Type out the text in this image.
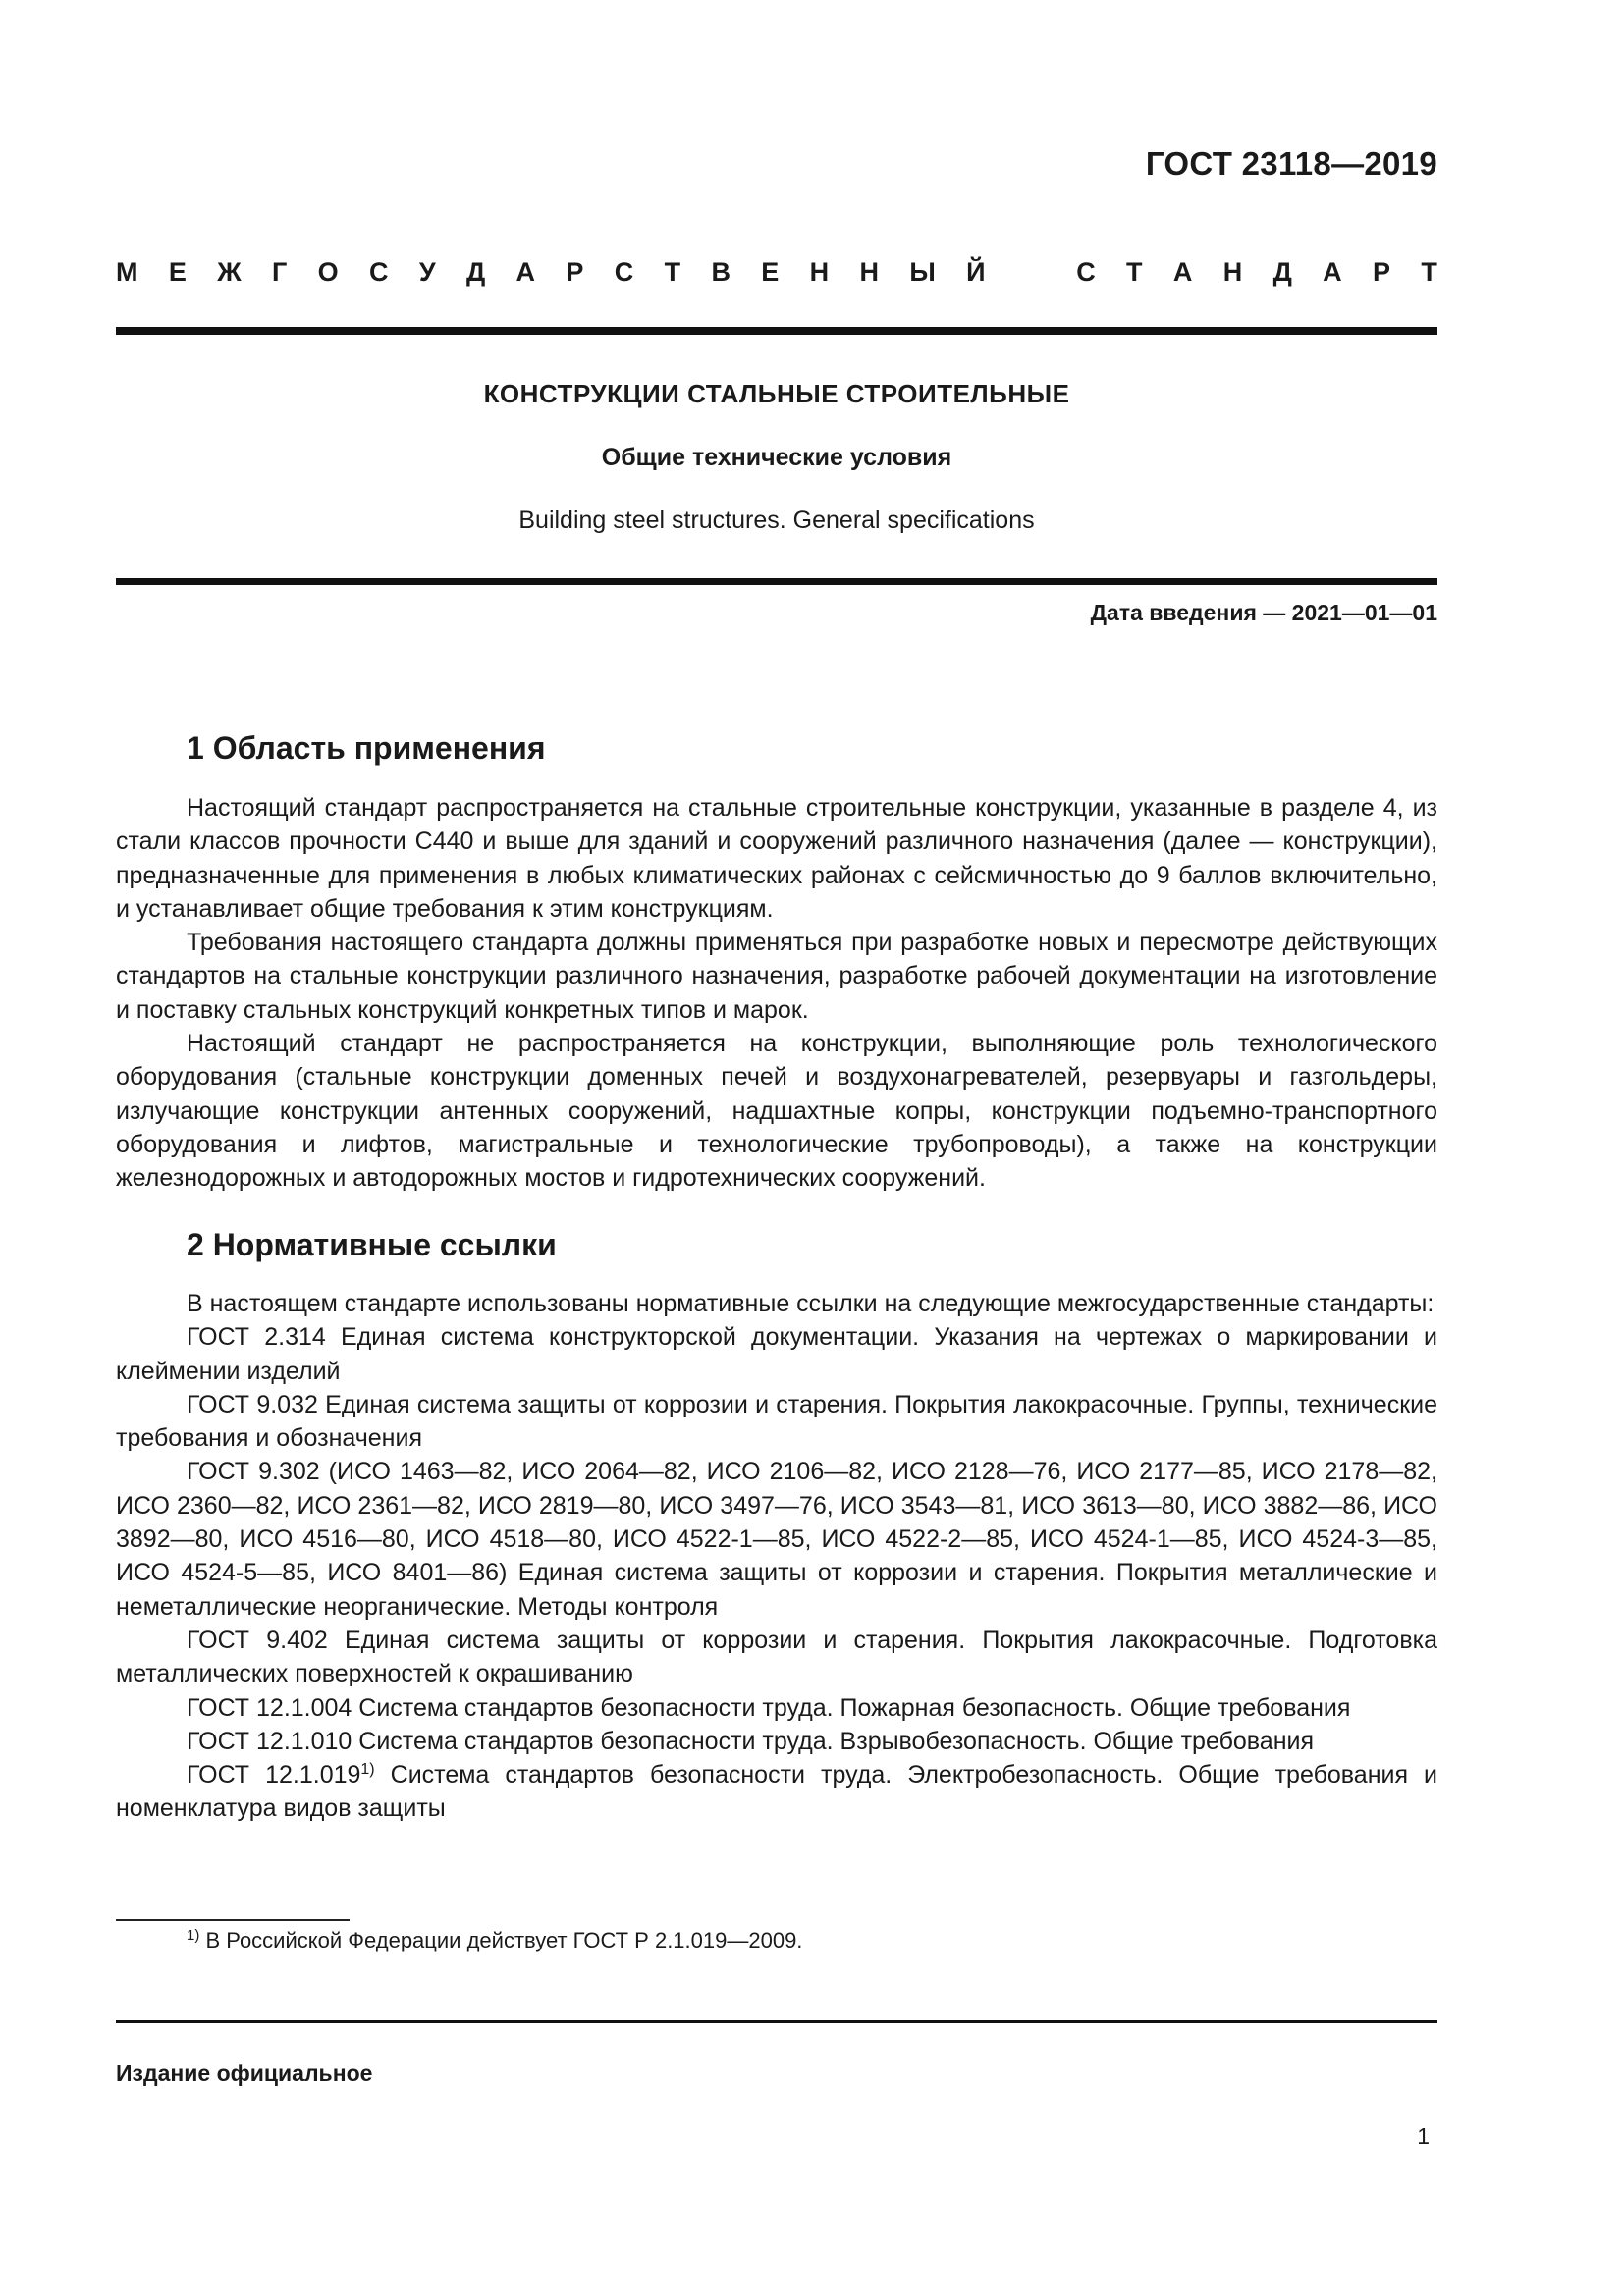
ГОСТ 23118—2019
М Е Ж Г О С У Д А Р С Т В Е Н Н Ы Й	С Т А Н Д А Р Т
КОНСТРУКЦИИ СТАЛЬНЫЕ СТРОИТЕЛЬНЫЕ
Общие технические условия
Building steel structures. General specifications
Дата введения — 2021—01—01
1 Область применения

Настоящий стандарт распространяется на стальные строительные конструкции, указанные в разделе 4, из стали классов прочности С440 и выше для зданий и сооружений различного назначения (далее — конструкции), предназначенные для применения в любых климатических районах с сейсмичностью до 9 баллов включительно, и устанавливает общие требования к этим конструкциям.

Требования настоящего стандарта должны применяться при разработке новых и пересмотре действующих стандартов на стальные конструкции различного назначения, разработке рабочей документации на изготовление и поставку стальных конструкций конкретных типов и марок.

Настоящий стандарт не распространяется на конструкции, выполняющие роль технологического оборудования (стальные конструкции доменных печей и воздухонагревателей, резервуары и газгольдеры, излучающие конструкции антенных сооружений, надшахтные копры, конструкции подъемно-транспортного оборудования и лифтов, магистральные и технологические трубопроводы), а также на конструкции железнодорожных и автодорожных мостов и гидротехнических сооружений.

2 Нормативные ссылки

В настоящем стандарте использованы нормативные ссылки на следующие межгосударственные стандарты:

ГОСТ 2.314 Единая система конструкторской документации. Указания на чертежах о маркировании и клеймении изделий

ГОСТ 9.032 Единая система защиты от коррозии и старения. Покрытия лакокрасочные. Группы, технические требования и обозначения

ГОСТ 9.302 (ИСО 1463—82, ИСО 2064—82, ИСО 2106—82, ИСО 2128—76, ИСО 2177—85, ИСО 2178—82, ИСО 2360—82, ИСО 2361—82, ИСО 2819—80, ИСО 3497—76, ИСО 3543—81, ИСО 3613—80, ИСО 3882—86, ИСО 3892—80, ИСО 4516—80, ИСО 4518—80, ИСО 4522-1—85, ИСО 4522-2—85, ИСО 4524-1—85, ИСО 4524-3—85, ИСО 4524-5—85, ИСО 8401—86) Единая система защиты от коррозии и старения. Покрытия металлические и неметаллические неорганические. Методы контроля

ГОСТ 9.402 Единая система защиты от коррозии и старения. Покрытия лакокрасочные. Подготовка металлических поверхностей к окрашиванию

ГОСТ 12.1.004 Система стандартов безопасности труда. Пожарная безопасность. Общие требования

ГОСТ 12.1.010 Система стандартов безопасности труда. Взрывобезопасность. Общие требования

ГОСТ 12.1.019$^{1)}$ Система стандартов безопасности труда. Электробезопасность. Общие требования и номенклатура видов защиты

$^{1)}$ В Российской Федерации действует ГОСТ Р 2.1.019—2009.
Издание официальное
1
